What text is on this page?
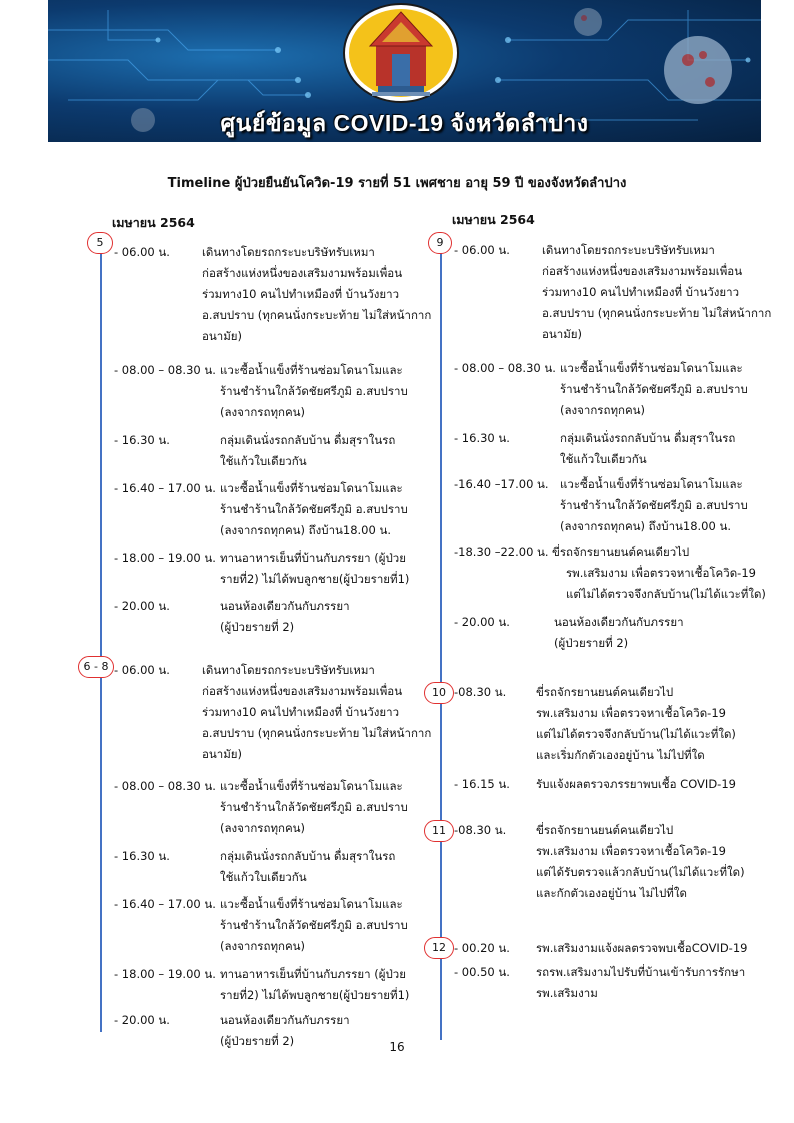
ศูนย์ข้อมูล COVID-19 จังหวัดลำปาง
Timeline ผู้ป่วยยืนยันโควิด-19 รายที่ 51 เพศชาย อายุ 59 ปี ของจังหวัดลำปาง
เมษายน 2564
5
6 - 8
- 06.00 น.	เดินทางโดยรถกระบะบริษัทรับเหมา
ก่อสร้างแห่งหนึ่งของเสริมงามพร้อมเพื่อน
ร่วมทาง10 คนไปทำเหมืองที่ บ้านวังยาว
อ.สบปราบ (ทุกคนนั่งกระบะท้าย ไม่ใส่หน้ากาก
อนามัย)
- 08.00 – 08.30 น. แวะซื้อน้ำแข็งที่ร้านซ่อมโดนาโมและ
ร้านชำร้านใกล้วัดชัยศรีภูมิ อ.สบปราบ
(ลงจากรถทุกคน)
- 16.30 น.	กลุ่มเดินนั่งรถกลับบ้าน ดื่มสุราในรถ
ใช้แก้วใบเดียวกัน
- 16.40 – 17.00 น. แวะซื้อน้ำแข็งที่ร้านซ่อมโดนาโมและ
ร้านชำร้านใกล้วัดชัยศรีภูมิ อ.สบปราบ
(ลงจากรถทุกคน) ถึงบ้าน18.00 น.
- 18.00 – 19.00 น. ทานอาหารเย็นที่บ้านกับภรรยา (ผู้ป่วย
รายที่2) ไม่ได้พบลูกชาย(ผู้ป่วยรายที่1)
- 20.00 น.	นอนห้องเดียวกันกับภรรยา
(ผู้ป่วยรายที่ 2)
- 06.00 น.	เดินทางโดยรถกระบะบริษัทรับเหมา
ก่อสร้างแห่งหนึ่งของเสริมงามพร้อมเพื่อน
ร่วมทาง10 คนไปทำเหมืองที่ บ้านวังยาว
อ.สบปราบ (ทุกคนนั่งกระบะท้าย ไม่ใส่หน้ากาก
อนามัย)
- 08.00 – 08.30 น. แวะซื้อน้ำแข็งที่ร้านซ่อมโดนาโมและ
ร้านชำร้านใกล้วัดชัยศรีภูมิ อ.สบปราบ
(ลงจากรถทุกคน)
- 16.30 น.	กลุ่มเดินนั่งรถกลับบ้าน ดื่มสุราในรถ
ใช้แก้วใบเดียวกัน
- 16.40 – 17.00 น. แวะซื้อน้ำแข็งที่ร้านซ่อมโดนาโมและ
ร้านชำร้านใกล้วัดชัยศรีภูมิ อ.สบปราบ
(ลงจากรถทุกคน)
- 18.00 – 19.00 น. ทานอาหารเย็นที่บ้านกับภรรยา (ผู้ป่วย
รายที่2) ไม่ได้พบลูกชาย(ผู้ป่วยรายที่1)
- 20.00 น.	นอนห้องเดียวกันกับภรรยา
(ผู้ป่วยรายที่ 2)
เมษายน 2564
9
10
11
12
- 06.00 น.	เดินทางโดยรถกระบะบริษัทรับเหมา
ก่อสร้างแห่งหนึ่งของเสริมงามพร้อมเพื่อน
ร่วมทาง10 คนไปทำเหมืองที่ บ้านวังยาว
อ.สบปราบ (ทุกคนนั่งกระบะท้าย ไม่ใส่หน้ากาก
อนามัย)
- 08.00 – 08.30 น. แวะซื้อน้ำแข็งที่ร้านซ่อมโดนาโมและ
ร้านชำร้านใกล้วัดชัยศรีภูมิ อ.สบปราบ
(ลงจากรถทุกคน)
- 16.30 น.	กลุ่มเดินนั่งรถกลับบ้าน ดื่มสุราในรถ
ใช้แก้วใบเดียวกัน
-16.40 –17.00 น. แวะซื้อน้ำแข็งที่ร้านซ่อมโดนาโมและ
ร้านชำร้านใกล้วัดชัยศรีภูมิ อ.สบปราบ
(ลงจากรถทุกคน) ถึงบ้าน18.00 น.
-18.30 –22.00 น. ขี่รถจักรยานยนต์คนเดียวไป
รพ.เสริมงาม เพื่อตรวจหาเชื้อโควิด-19
แต่ไม่ได้ตรวจจึงกลับบ้าน(ไม่ได้แวะที่ใด)
- 20.00 น.	นอนห้องเดียวกันกับภรรยา
(ผู้ป่วยรายที่ 2)
-08.30 น.	ขี่รถจักรยานยนต์คนเดียวไป
รพ.เสริมงาม เพื่อตรวจหาเชื้อโควิด-19
แต่ไม่ได้ตรวจจึงกลับบ้าน(ไม่ได้แวะที่ใด)
และเริ่มกักตัวเองอยู่บ้าน ไม่ไปที่ใด
- 16.15 น. รับแจ้งผลตรวจภรรยาพบเชื้อ COVID-19
-08.30 น.	ขี่รถจักรยานยนต์คนเดียวไป
รพ.เสริมงาม เพื่อตรวจหาเชื้อโควิด-19
แต่ได้รับตรวจแล้วกลับบ้าน(ไม่ได้แวะที่ใด)
และกักตัวเองอยู่บ้าน ไม่ไปที่ใด
- 00.20 น. รพ.เสริมงามแจ้งผลตรวจพบเชื้อCOVID-19
- 00.50 น. รถรพ.เสริมงามไปรับที่บ้านเข้ารับการรักษา
รพ.เสริมงาม
16
